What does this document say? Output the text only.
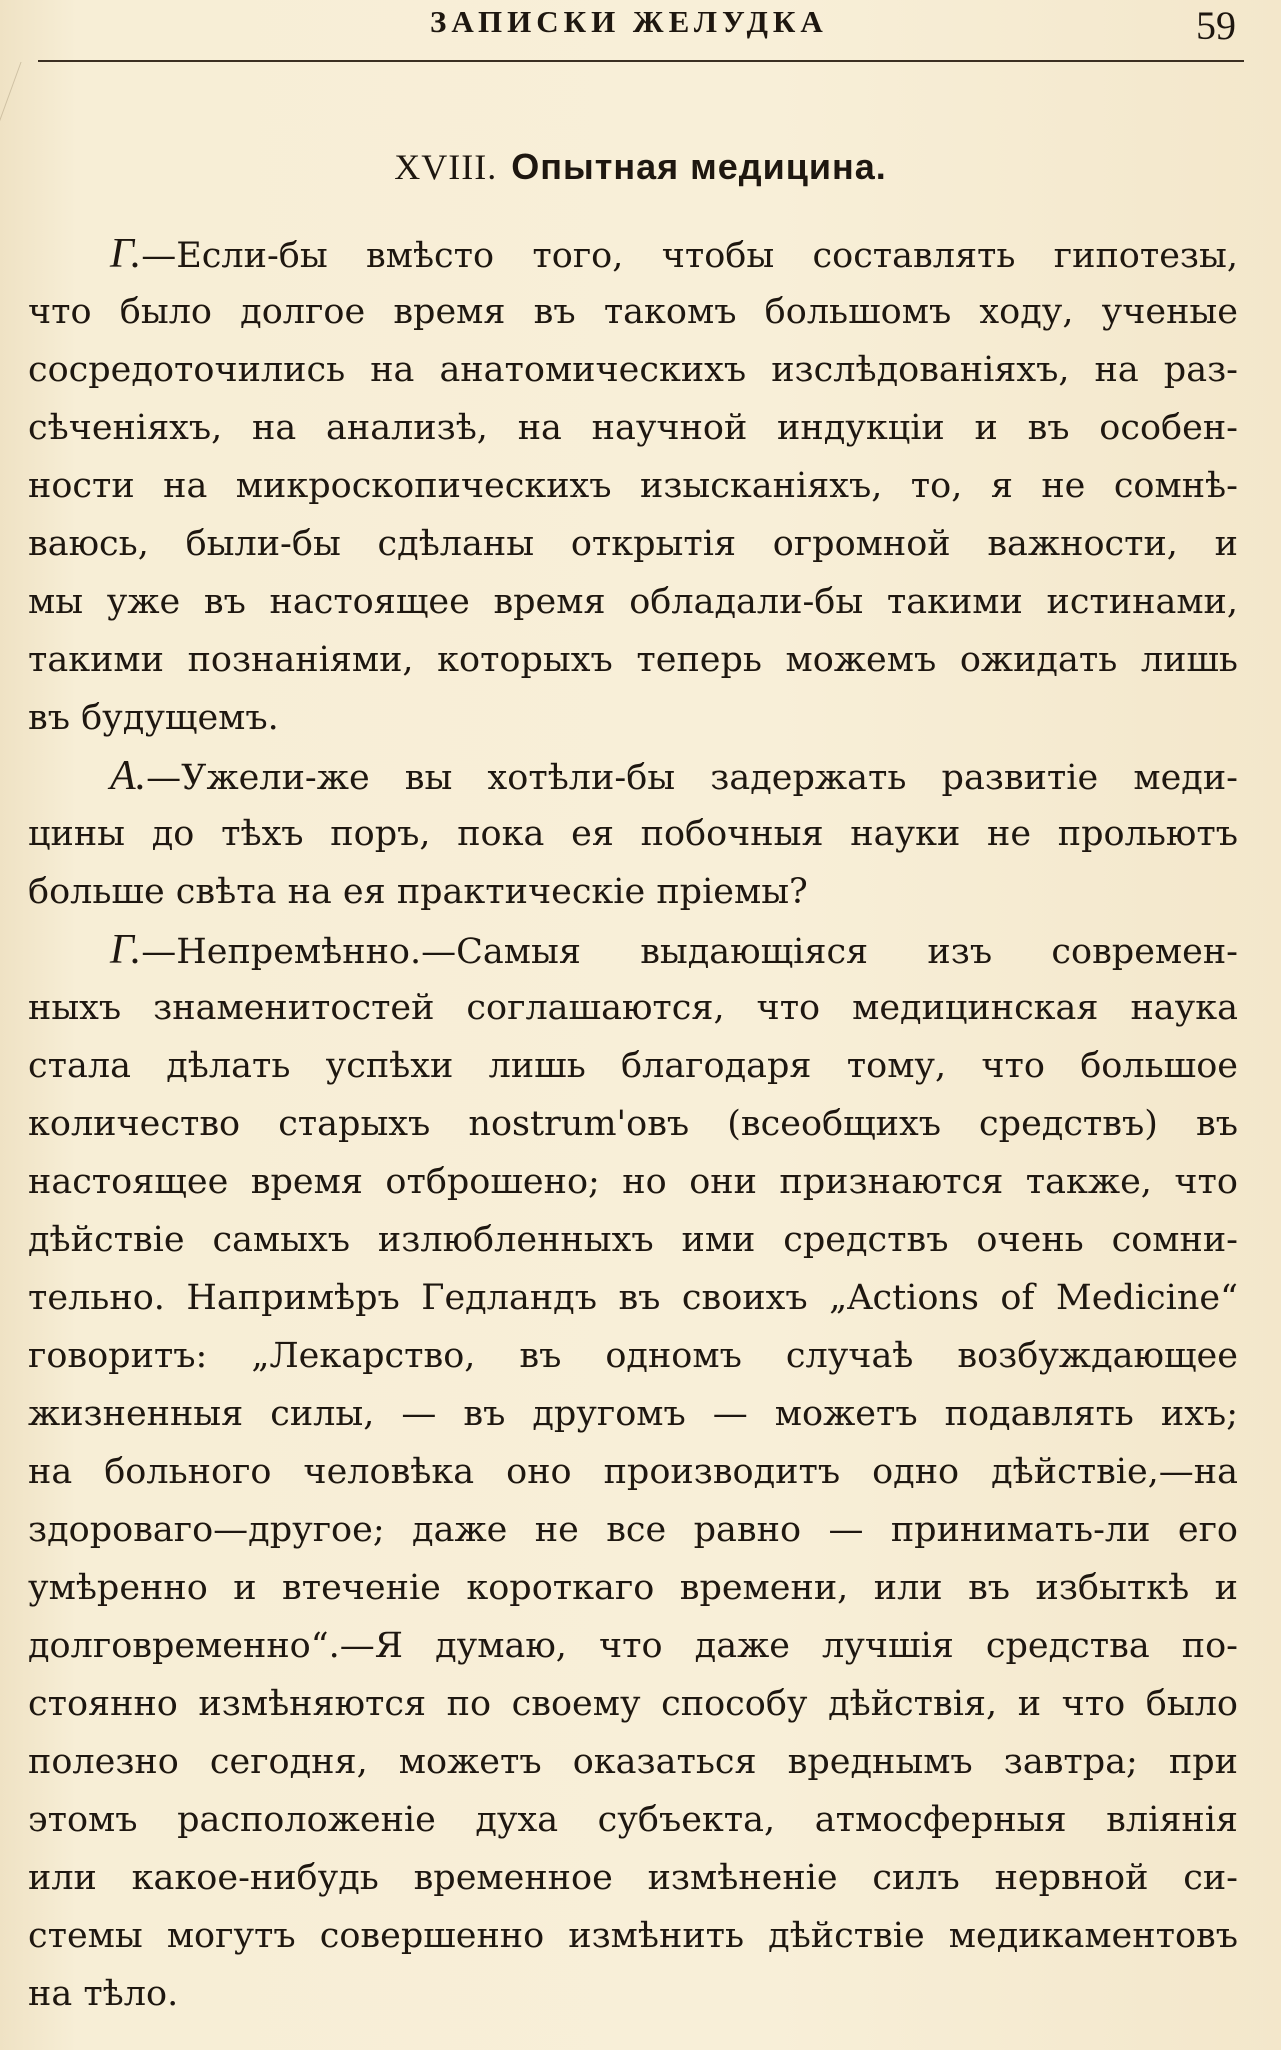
ЗАПИСКИ ЖЕЛУДКА	59
XVIII. Опытная медицина.
Г.—Если-бы вмѣсто того, чтобы составлять гипотезы,
что было долгое время въ такомъ большомъ ходу, ученые
сосредоточились на анатомическихъ изслѣдованiяхъ, на раз-
сѣченiяхъ, на анализѣ, на научной индукцiи и въ особен-
ности на микроскопическихъ изысканiяхъ, то, я не сомнѣ-
ваюсь, были-бы сдѣланы открытiя огромной важности, и
мы уже въ настоящее время обладали-бы такими истинами,
такими познанiями, которыхъ теперь можемъ ожидать лишь
въ будущемъ.
А.—Ужели-же вы хотѣли-бы задержать развитiе меди-
цины до тѣхъ поръ, пока ея побочныя науки не прольютъ
больше свѣта на ея практическiе прiемы?
Г.—Непремѣнно.—Самыя выдающiяся изъ современ-
ныхъ знаменитостей соглашаются, что медицинская наука
стала дѣлать успѣхи лишь благодаря тому, что большое
количество старыхъ nostrum'овъ (всеобщихъ средствъ) въ
настоящее время отброшено; но они признаются также, что
дѣйствiе самыхъ излюбленныхъ ими средствъ очень сомни-
тельно. Напримѣръ Гедландъ въ своихъ „Actions of Medicine“
говоритъ: „Лекарство, въ одномъ случаѣ возбуждающее
жизненныя силы, — въ другомъ — можетъ подавлять ихъ;
на больного человѣка оно производитъ одно дѣйствiе,—на
здороваго—другое; даже не все равно — принимать-ли его
умѣренно и втеченiе короткаго времени, или въ избыткѣ и
долговременно“.—Я думаю, что даже лучшiя средства по-
стоянно измѣняются по своему способу дѣйствiя, и что было
полезно сегодня, можетъ оказаться вреднымъ завтра; при
этомъ расположенiе духа субъекта, атмосферныя влiянiя
или какое-нибудь временное измѣненiе силъ нервной си-
стемы могутъ совершенно измѣнить дѣйствiе медикаментовъ
на тѣло.
